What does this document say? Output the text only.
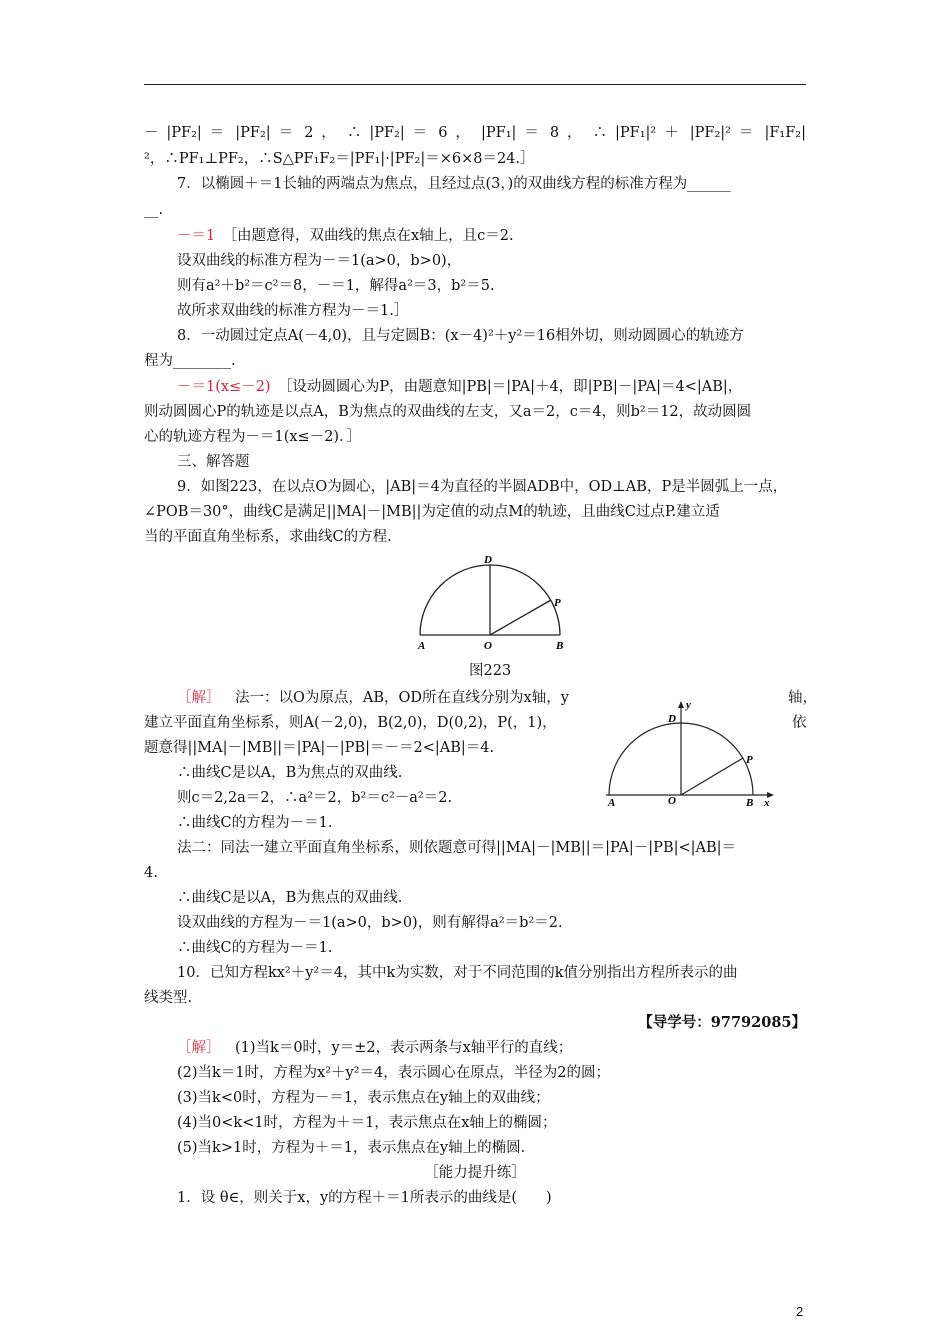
－ |PF₂| ＝ |PF₂| ＝ 2 ， ∴ |PF₂| ＝ 6 ， |PF₁| ＝ 8 ， ∴ |PF₁|² ＋ |PF₂|² ＝ |F₁F₂|
²，∴PF₁⊥PF₂，∴S△PF₁F₂＝|PF₁|·|PF₂|＝×6×8＝24.］
7．以椭圆＋＝1长轴的两端点为焦点，且经过点(3，)的双曲线方程的标准方程为______
__.
－＝1　 ［由题意得，双曲线的焦点在x轴上，且c＝2.
设双曲线的标准方程为－＝1(a>0，b>0)，
则有a²＋b²＝c²＝8，－＝1，解得a²＝3，b²＝5.
故所求双曲线的标准方程为－＝1.］
8．一动圆过定点A(－4,0)，且与定圆B：(x－4)²＋y²＝16相外切，则动圆圆心的轨迹方
程为________.
－＝1(x≤－2)　 ［设动圆圆心为P，由题意知|PB|＝|PA|＋4，即|PB|－|PA|＝4<|AB|，
则动圆圆心P的轨迹是以点A，B为焦点的双曲线的左支，又a＝2，c＝4，则b²＝12，故动圆圆
心的轨迹方程为－＝1(x≤－2)．］
三、解答题
9．如图223，在以点O为圆心，|AB|＝4为直径的半圆ADB中，OD⊥AB，P是半圆弧上一点，
∠POB＝30°，曲线C是满足||MA|－|MB||为定值的动点M的轨迹，且曲线C过点P.建立适
当的平面直角坐标系，求曲线C的方程.
A	B
O
D
P
图223
［解］  法一：以O为原点，AB，OD所在直线分别为x轴，y	轴，
建立平面直角坐标系，则A(－2,0)，B(2,0)，D(0,2)，P(，1)，	依
题意得||MA|－|MB||＝|PA|－|PB|＝－＝2<|AB|＝4.
∴曲线C是以A，B为焦点的双曲线.
则c＝2,2a＝2，∴a²＝2，b²＝c²－a²＝2.
∴曲线C的方程为－＝1.
A	B
O
D
P
x
y
法二：同法一建立平面直角坐标系，则依题意可得||MA|－|MB||＝|PA|－|PB|<|AB|＝
4.
∴曲线C是以A，B为焦点的双曲线.
设双曲线的方程为－＝1(a>0，b>0)，则有解得a²＝b²＝2.
∴曲线C的方程为－＝1.
10．已知方程kx²＋y²＝4，其中k为实数，对于不同范围的k值分别指出方程所表示的曲
线类型.
【导学号：97792085】
［解］  (1)当k＝0时，y＝±2，表示两条与x轴平行的直线；
(2)当k＝1时，方程为x²＋y²＝4，表示圆心在原点，半径为2的圆；
(3)当k<0时，方程为－＝1，表示焦点在y轴上的双曲线；
(4)当0<k<1时，方程为＋＝1，表示焦点在x轴上的椭圆；
(5)当k>1时，方程为＋＝1，表示焦点在y轴上的椭圆.
［能力提升练］
1．设 θ∈，则关于x，y的方程＋＝1所表示的曲线是(　　)
2
